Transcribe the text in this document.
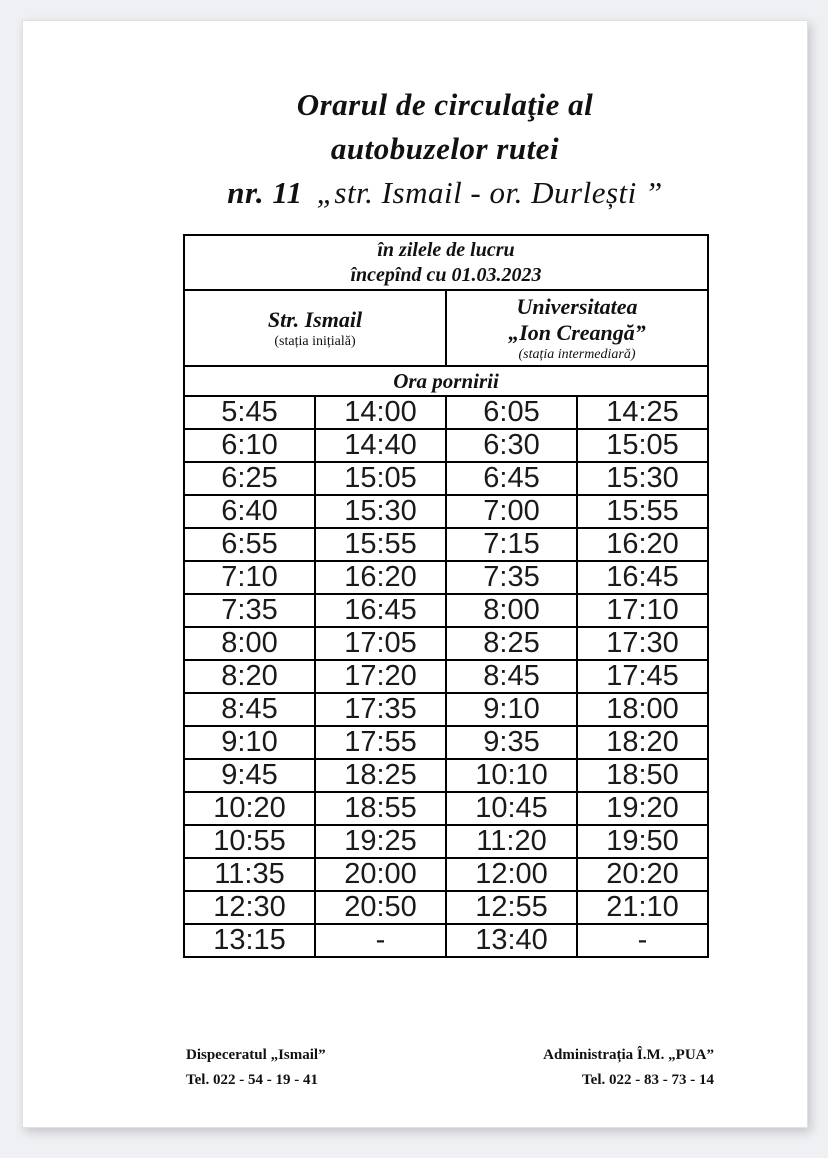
Orarul de circulaţie al
autobuzelor rutei
nr. 11 „str. Ismail - or. Durlești ”
în zilele de lucru
începînd cu 01.03.2023			

Str. Ismail
(stația inițială)

Universitatea
„Ion Creangă”
(stația intermediară)

Ora pornirii			
5:45	14:00	6:05	14:25
6:10	14:40	6:30	15:05
6:25	15:05	6:45	15:30
6:40	15:30	7:00	15:55
6:55	15:55	7:15	16:20
7:10	16:20	7:35	16:45
7:35	16:45	8:00	17:10
8:00	17:05	8:25	17:30
8:20	17:20	8:45	17:45
8:45	17:35	9:10	18:00
9:10	17:55	9:35	18:20
9:45	18:25	10:10	18:50
10:20	18:55	10:45	19:20
10:55	19:25	11:20	19:50
11:35	20:00	12:00	20:20
12:30	20:50	12:55	21:10
13:15	-	13:40	-
Dispeceratul „Ismail”
Tel. 022 - 54 - 19 - 41
Administrația Î.M. „PUA”
Tel. 022 - 83 - 73 - 14
